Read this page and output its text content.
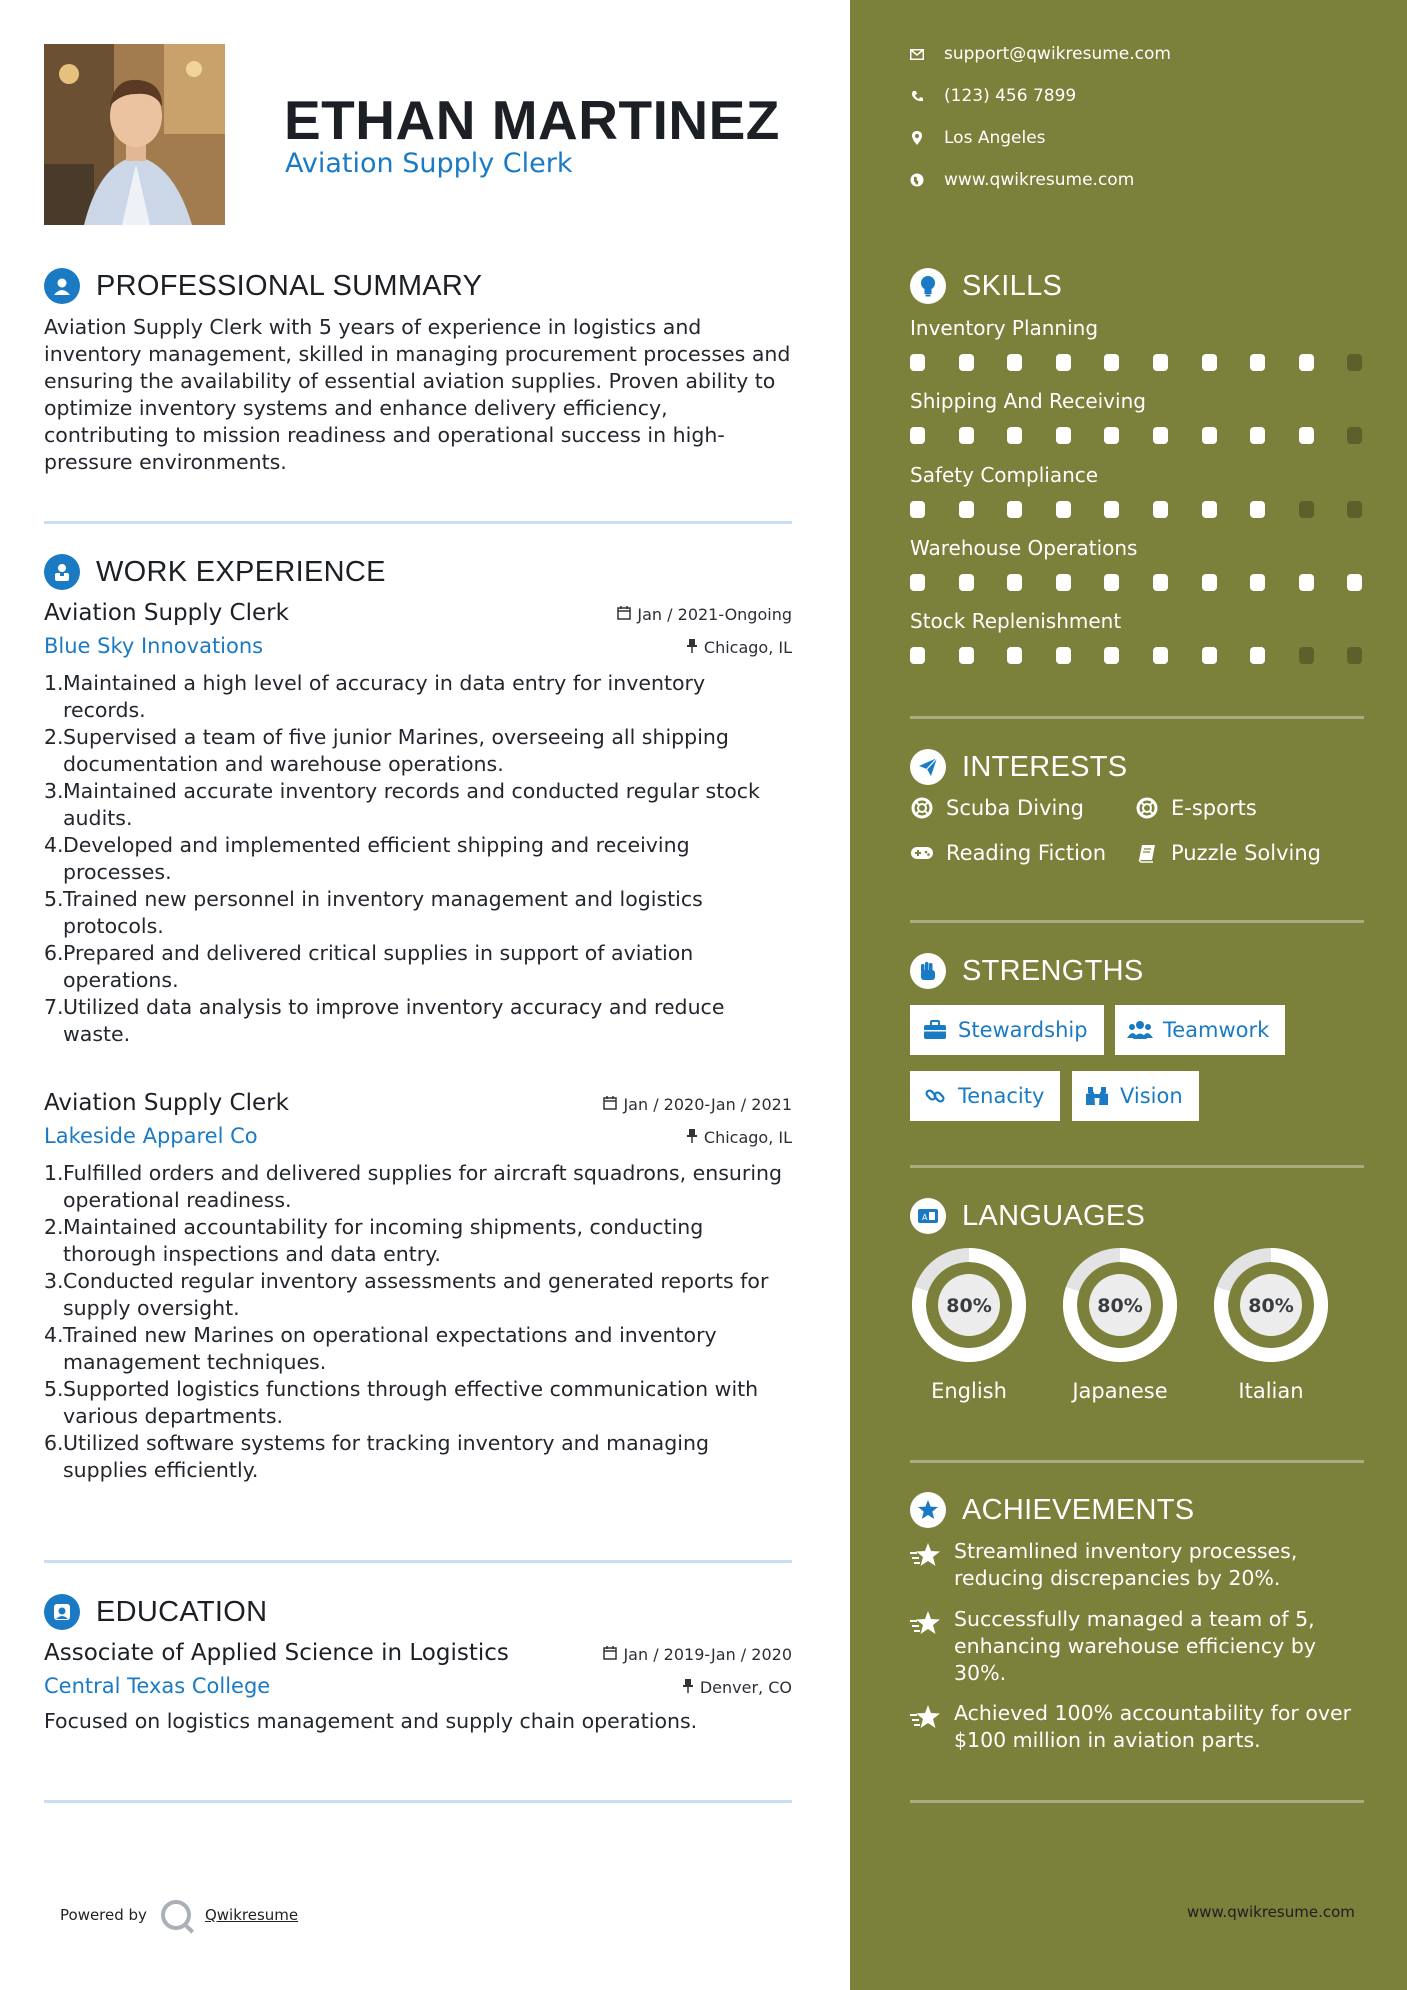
ETHAN MARTINEZ
Aviation Supply Clerk
PROFESSIONAL SUMMARY
Aviation Supply Clerk with 5 years of experience in logistics and inventory management, skilled in managing procurement processes and ensuring the availability of essential aviation supplies. Proven ability to optimize inventory systems and enhance delivery efficiency, contributing to mission readiness and operational success in high-pressure environments.
WORK EXPERIENCE
Aviation Supply Clerk	Jan / 2021-Ongoing
Blue Sky Innovations	Chicago, IL
1. Maintained a high level of accuracy in data entry for inventory records.
2. Supervised a team of five junior Marines, overseeing all shipping documentation and warehouse operations.
3. Maintained accurate inventory records and conducted regular stock audits.
4. Developed and implemented efficient shipping and receiving processes.
5. Trained new personnel in inventory management and logistics protocols.
6. Prepared and delivered critical supplies in support of aviation operations.
7. Utilized data analysis to improve inventory accuracy and reduce waste.
Aviation Supply Clerk	Jan / 2020-Jan / 2021
Lakeside Apparel Co	Chicago, IL
1. Fulfilled orders and delivered supplies for aircraft squadrons, ensuring operational readiness.
2. Maintained accountability for incoming shipments, conducting thorough inspections and data entry.
3. Conducted regular inventory assessments and generated reports for supply oversight.
4. Trained new Marines on operational expectations and inventory management techniques.
5. Supported logistics functions through effective communication with various departments.
6. Utilized software systems for tracking inventory and managing supplies efficiently.
EDUCATION
Associate of Applied Science in Logistics	Jan / 2019-Jan / 2020
Central Texas College	Denver, CO
Focused on logistics management and supply chain operations.
Powered by	Qwikresume
support@qwikresume.com
(123) 456 7899
Los Angeles
www.qwikresume.com
SKILLS
Inventory Planning
Shipping And Receiving
Safety Compliance
Warehouse Operations
Stock Replenishment
INTERESTS
Scuba Diving	E-sports
Reading Fiction	Puzzle Solving
STRENGTHS
Stewardship	Teamwork
Tenacity	Vision
A LANGUAGES
80%
English
80%
Japanese
80%
Italian
ACHIEVEMENTS
Streamlined inventory processes, reducing discrepancies by 20%.
Successfully managed a team of 5, enhancing warehouse efficiency by 30%.
Achieved 100% accountability for over $100 million in aviation parts.
www.qwikresume.com
